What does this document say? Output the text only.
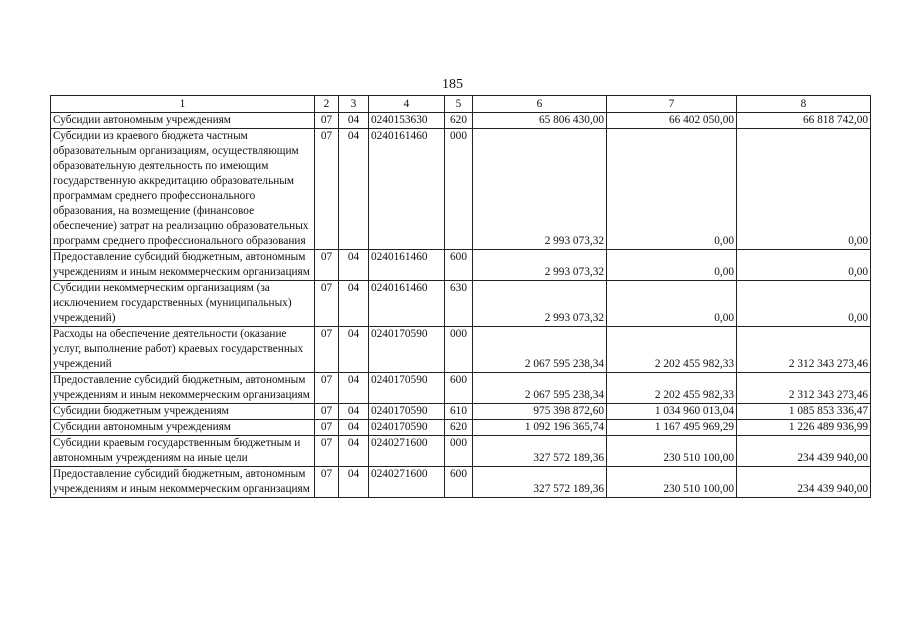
185
1	2	3	4	5	6	7	8
Субсидии автономным учреждениям	07	04	0240153630	620	65 806 430,00	66 402 050,00	66 818 742,00
Субсидии из краевого бюджета частным образовательным организациям, осуществляющим образовательную деятельность по имеющим государственную аккредитацию образовательным программам среднего профессионального образования, на возмещение (финансовое обеспечение) затрат на реализацию образовательных программ среднего профессионального образования	07	04	0240161460	000	2 993 073,32	0,00	0,00
Предоставление субсидий бюджетным, автономным учреждениям и иным некоммерческим организациям	07	04	0240161460	600	2 993 073,32	0,00	0,00
Субсидии некоммерческим организациям (за исключением государственных (муниципальных) учреждений)	07	04	0240161460	630	2 993 073,32	0,00	0,00
Расходы на обеспечение деятельности (оказание услуг, выполнение работ) краевых государственных учреждений	07	04	0240170590	000	2 067 595 238,34	2 202 455 982,33	2 312 343 273,46
Предоставление субсидий бюджетным, автономным учреждениям и иным некоммерческим организациям	07	04	0240170590	600	2 067 595 238,34	2 202 455 982,33	2 312 343 273,46
Субсидии бюджетным учреждениям	07	04	0240170590	610	975 398 872,60	1 034 960 013,04	1 085 853 336,47
Субсидии автономным учреждениям	07	04	0240170590	620	1 092 196 365,74	1 167 495 969,29	1 226 489 936,99
Субсидии краевым государственным бюджетным и автономным учреждениям на иные цели	07	04	0240271600	000	327 572 189,36	230 510 100,00	234 439 940,00
Предоставление субсидий бюджетным, автономным учреждениям и иным некоммерческим организациям	07	04	0240271600	600	327 572 189,36	230 510 100,00	234 439 940,00
